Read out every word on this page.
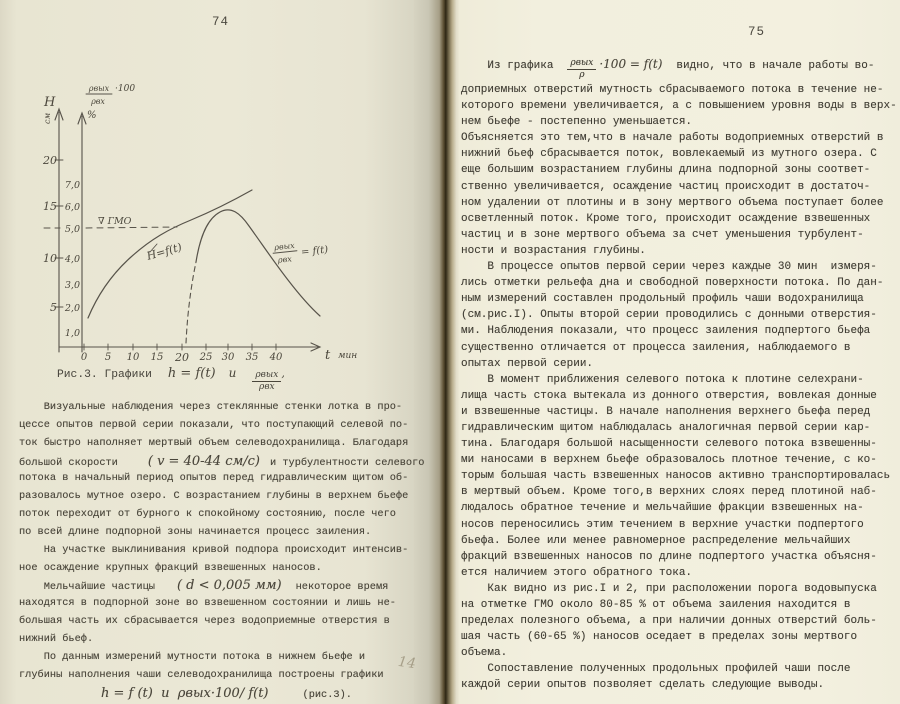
74
75
H
см
ρвых
ρвх
·100
%
20
15
10
5
7,0
6,0
5,0
4,0
3,0
2,0
1,0
0 5 10 15 20 25 30 35 40	t мин
∇ ГМО
H=f(t)	ρвых
ρвх
= f(t)
Рис.3. Графики h = f(t) и $\frac{\text{ρвых}}{\text{ρвх}}$ ,
Визуальные наблюдения через стеклянные стенки лотка в про-
цессе опытов первой серии показали, что поступающий селевой по-
ток быстро наполняет мертвый объем селеводохранилища. Благодаря
большой скорости ( v = 40-44 см/с) и турбулентности селевого
потока в начальный период опытов перед гидравлическим щитом об-
разовалось мутное озеро. С возрастанием глубины в верхнем бьефе
поток переходит от бурного к спокойному состоянию, после чего
по всей длине подпорной зоны начинается процесс заиления.
На участке выклинивания кривой подпора происходит интенсив-
ное осаждение крупных фракций взвешенных наносов.
Мельчайшие частицы ( d < 0,005 мм) некоторое время
находятся в подпорной зоне во взвешенном состоянии и лишь не-
большая часть их сбрасывается через водоприемные отверстия в
нижний бьеф.
По данным измерений мутности потока в нижнем бьефе и
глубины наполнения чаши селеводохранилища построены графики
h = f (t)  и  ρвых·100/ f(t)	(рис.3).
14
Из графика $\frac{\text{ρвых}}{\rho} \cdot 100 = f(t)$ видно, что в начале работы во-
доприемных отверстий мутность сбрасываемого потока в течение не-
которого времени увеличивается, а с повышением уровня воды в верх-
нем бьефе - постепенно уменьшается.
Объясняется это тем,что в начале работы водоприемных отверстий в
нижний бьеф сбрасывается поток, вовлекаемый из мутного озера. С
еще большим возрастанием глубины длина подпорной зоны соответ-
ственно увеличивается, осаждение частиц происходит в достаточ-
ном удалении от плотины и в зону мертвого объема поступает более
осветленный поток. Кроме того, происходит осаждение взвешенных
частиц и в зоне мертвого объема за счет уменьшения турбулент-
ности и возрастания глубины.
В процессе опытов первой серии через каждые 30 мин  измеря-
лись отметки рельефа дна и свободной поверхности потока. По дан-
ным измерений составлен продольный профиль чаши водохранилища
(см.рис.I). Опыты второй серии проводились с донными отверстия-
ми. Наблюдения показали, что процесс заиления подпертого бьефа
существенно отличается от процесса заиления, наблюдаемого в
опытах первой серии.
В момент приближения селевого потока к плотине селехрани-
лища часть стока вытекала из донного отверстия, вовлекая донные
и взвешенные частицы. В начале наполнения верхнего бьефа перед
гидравлическим щитом наблюдалась аналогичная первой серии кар-
тина. Благодаря большой насыщенности селевого потока взвешенны-
ми наносами в верхнем бьефе образовалось плотное течение, с ко-
торым большая часть взвешенных наносов активно транспортировалась
в мертвый объем. Кроме того,в верхних слоях перед плотиной наб-
людалось обратное течение и мельчайшие фракции взвешенных на-
носов переносились этим течением в верхние участки подпертого
бьефа. Более или менее равномерное распределение мельчайших
фракций взвешенных наносов по длине подпертого участка объясня-
ется наличием этого обратного тока.
Как видно из рис.I и 2, при расположении порога водовыпуска
на отметке ГМО около 80-85 % от объема заиления находится в
пределах полезного объема, а при наличии донных отверстий боль-
шая часть (60-65 %) наносов оседает в пределах зоны мертвого
объема.
Сопоставление полученных продольных профилей чаши после
каждой серии опытов позволяет сделать следующие выводы.
